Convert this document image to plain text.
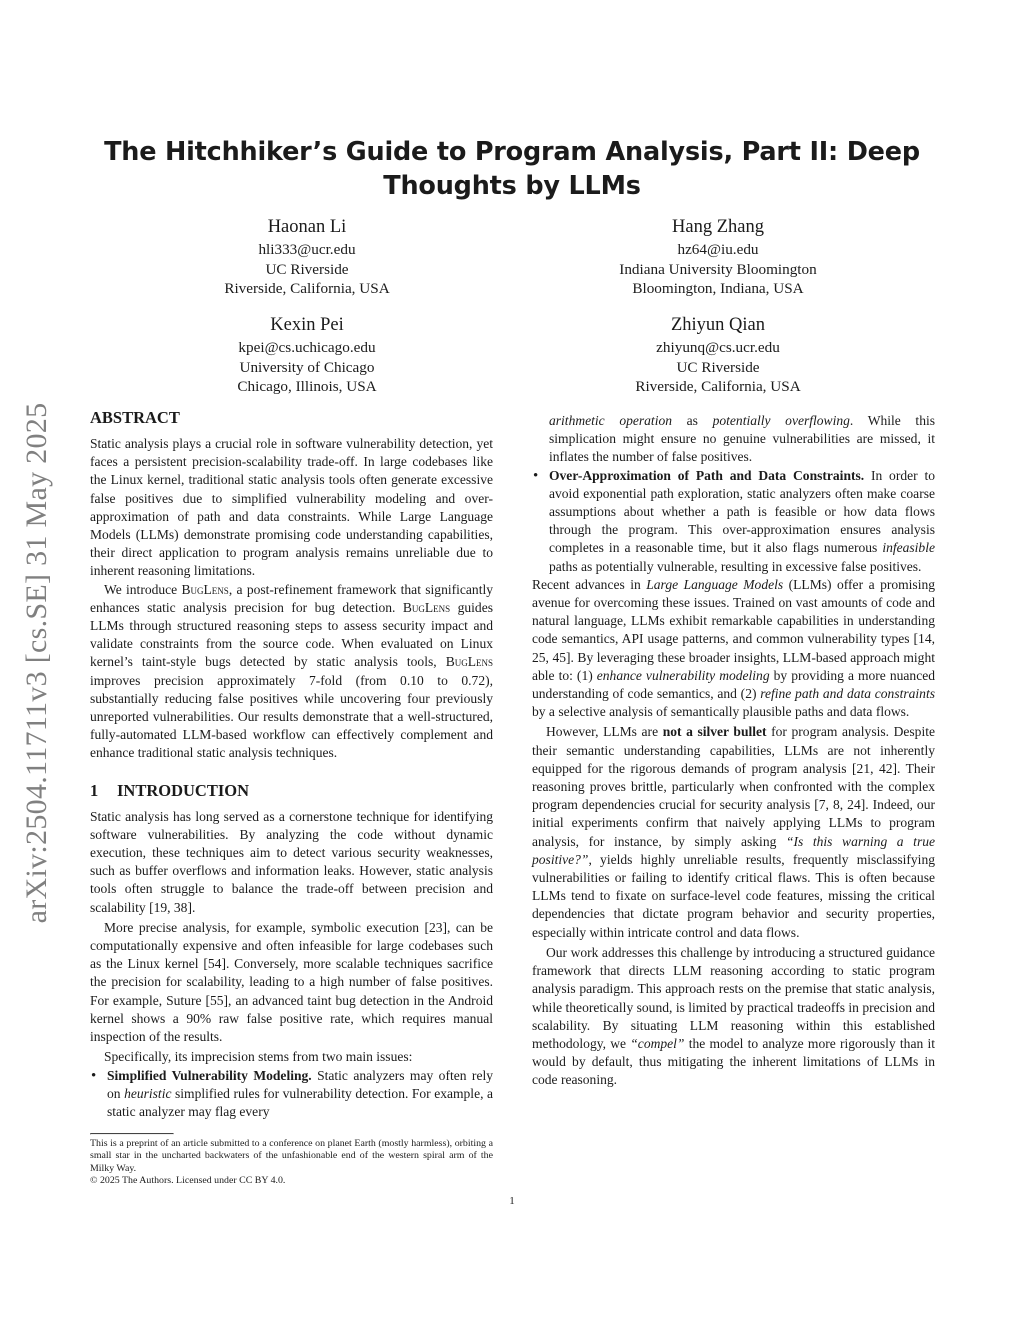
The Hitchhiker’s Guide to Program Analysis, Part II: Deep Thoughts by LLMs
Haonan Li
hli333@ucr.edu
UC Riverside
Riverside, California, USA
Hang Zhang
hz64@iu.edu
Indiana University Bloomington
Bloomington, Indiana, USA
Kexin Pei
kpei@cs.uchicago.edu
University of Chicago
Chicago, Illinois, USA
Zhiyun Qian
zhiyunq@cs.ucr.edu
UC Riverside
Riverside, California, USA
arXiv:2504.11711v3 [cs.SE] 31 May 2025 ABSTRACT

Static analysis plays a crucial role in software vulnerability detection, yet faces a persistent precision-scalability trade-off. In large codebases like the Linux kernel, traditional static analysis tools often generate excessive false positives due to simplified vulnerability modeling and over-approximation of path and data constraints. While Large Language Models (LLMs) demonstrate promising code understanding capabilities, their direct application to program analysis remains unreliable due to inherent reasoning limitations.

We introduce BugLens, a post-refinement framework that significantly enhances static analysis precision for bug detection. BugLens guides LLMs through structured reasoning steps to assess security impact and validate constraints from the source code. When evaluated on Linux kernel’s taint-style bugs detected by static analysis tools, BugLens improves precision approximately 7-fold (from 0.10 to 0.72), substantially reducing false positives while uncovering four previously unreported vulnerabilities. Our results demonstrate that a well-structured, fully-automated LLM-based workflow can effectively complement and enhance traditional static analysis techniques.

1 INTRODUCTION

Static analysis has long served as a cornerstone technique for identifying software vulnerabilities. By analyzing the code without dynamic execution, these techniques aim to detect various security weaknesses, such as buffer overflows and information leaks. However, static analysis tools often struggle to balance the trade-off between precision and scalability [19, 38].

More precise analysis, for example, symbolic execution [23], can be computationally expensive and often infeasible for large codebases such as the Linux kernel [54]. Conversely, more scalable techniques sacrifice the precision for scalability, leading to a high number of false positives. For example, Suture [55], an advanced taint bug detection in the Android kernel shows a 90% raw false positive rate, which requires manual inspection of the results.

Specifically, its imprecision stems from two main issues:

• Simplified Vulnerability Modeling. Static analyzers may often rely on heuristic simplified rules for vulnerability detection. For example, a static analyzer may flag every

This is a preprint of an article submitted to a conference on planet Earth (mostly harmless), orbiting a small star in the uncharted backwaters of the unfashionable end of the western spiral arm of the Milky Way.

© 2025 The Authors. Licensed under CC BY 4.0.

arithmetic operation as potentially overflowing. While this simplication might ensure no genuine vulnerabilities are missed, it inflates the number of false positives.

• Over-Approximation of Path and Data Constraints. In order to avoid exponential path exploration, static analyzers often make coarse assumptions about whether a path is feasible or how data flows through the program. This over-approximation ensures analysis completes in a reasonable time, but it also flags numerous infeasible paths as potentially vulnerable, resulting in excessive false positives.

Recent advances in Large Language Models (LLMs) offer a promising avenue for overcoming these issues. Trained on vast amounts of code and natural language, LLMs exhibit remarkable capabilities in understanding code semantics, API usage patterns, and common vulnerability types [14, 25, 45]. By leveraging these broader insights, LLM-based approach might able to: (1) enhance vulnerability modeling by providing a more nuanced understanding of code semantics, and (2) refine path and data constraints by a selective analysis of semantically plausible paths and data flows.

However, LLMs are not a silver bullet for program analysis. Despite their semantic understanding capabilities, LLMs are not inherently equipped for the rigorous demands of program analysis [21, 42]. Their reasoning proves brittle, particularly when confronted with the complex program dependencies crucial for security analysis [7, 8, 24]. Indeed, our initial experiments confirm that naively applying LLMs to program analysis, for instance, by simply asking “Is this warning a true positive?”, yields highly unreliable results, frequently misclassifying vulnerabilities or failing to identify critical flaws. This is often because LLMs tend to fixate on surface-level code features, missing the critical dependencies that dictate program behavior and security properties, especially within intricate control and data flows.

Our work addresses this challenge by introducing a structured guidance framework that directs LLM reasoning according to static program analysis paradigm. This approach rests on the premise that static analysis, while theoretically sound, is limited by practical tradeoffs in precision and scalability. By situating LLM reasoning within this established methodology, we “compel” the model to analyze more rigorously than it would by default, thus mitigating the inherent limitations of LLMs in code reasoning.

1
